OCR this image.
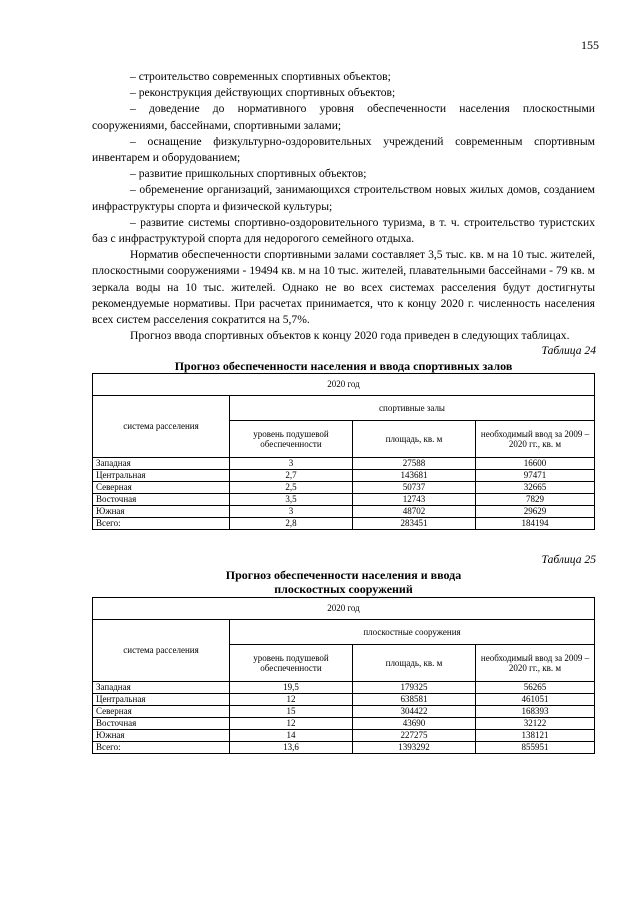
155

– строительство современных спортивных объектов;

– реконструкция действующих спортивных объектов;

– доведение до нормативного уровня обеспеченности населения плоскостными сооружениями, бассейнами, спортивными залами;

– оснащение физкультурно-оздоровительных учреждений современным спортивным инвентарем и оборудованием;

– развитие пришкольных спортивных объектов;

– обременение организаций, занимающихся строительством новых жилых домов, созданием инфраструктуры спорта и физической культуры;

– развитие системы спортивно-оздоровительного туризма, в т. ч. строительство туристских баз с инфраструктурой спорта для недорогого семейного отдыха.

Норматив обеспеченности спортивными залами составляет 3,5 тыс. кв. м на 10 тыс. жителей, плоскостными сооружениями - 19494 кв. м на 10 тыс. жителей, плавательными бассейнами - 79 кв. м зеркала воды на 10 тыс. жителей. Однако не во всех системах расселения будут достигнуты рекомендуемые нормативы. При расчетах принимается, что к концу 2020 г. численность населения всех систем расселения сократится на 5,7%.

Прогноз ввода спортивных объектов к концу 2020 года приведен в следующих таблицах.

Таблица 24
Прогноз обеспеченности населения и ввода спортивных залов
2020 год			
система расселения	спортивные залы		
	уровень подушевой обеспеченности	площадь, кв. м	необходимый ввод за 2009 – 2020 гг., кв. м
Западная	3	27588	16600
Центральная	2,7	143681	97471
Северная	2,5	50737	32665
Восточная	3,5	12743	7829
Южная	3	48702	29629
Всего:	2,8	283451	184194
Таблица 25
Прогноз обеспеченности населения и ввода
плоскостных сооружений
2020 год			
система расселения	плоскостные сооружения		
	уровень подушевой обеспеченности	площадь, кв. м	необходимый ввод за 2009 – 2020 гг., кв. м
Западная	19,5	179325	56265
Центральная	12	638581	461051
Северная	15	304422	168393
Восточная	12	43690	32122
Южная	14	227275	138121
Всего:	13,6	1393292	855951
